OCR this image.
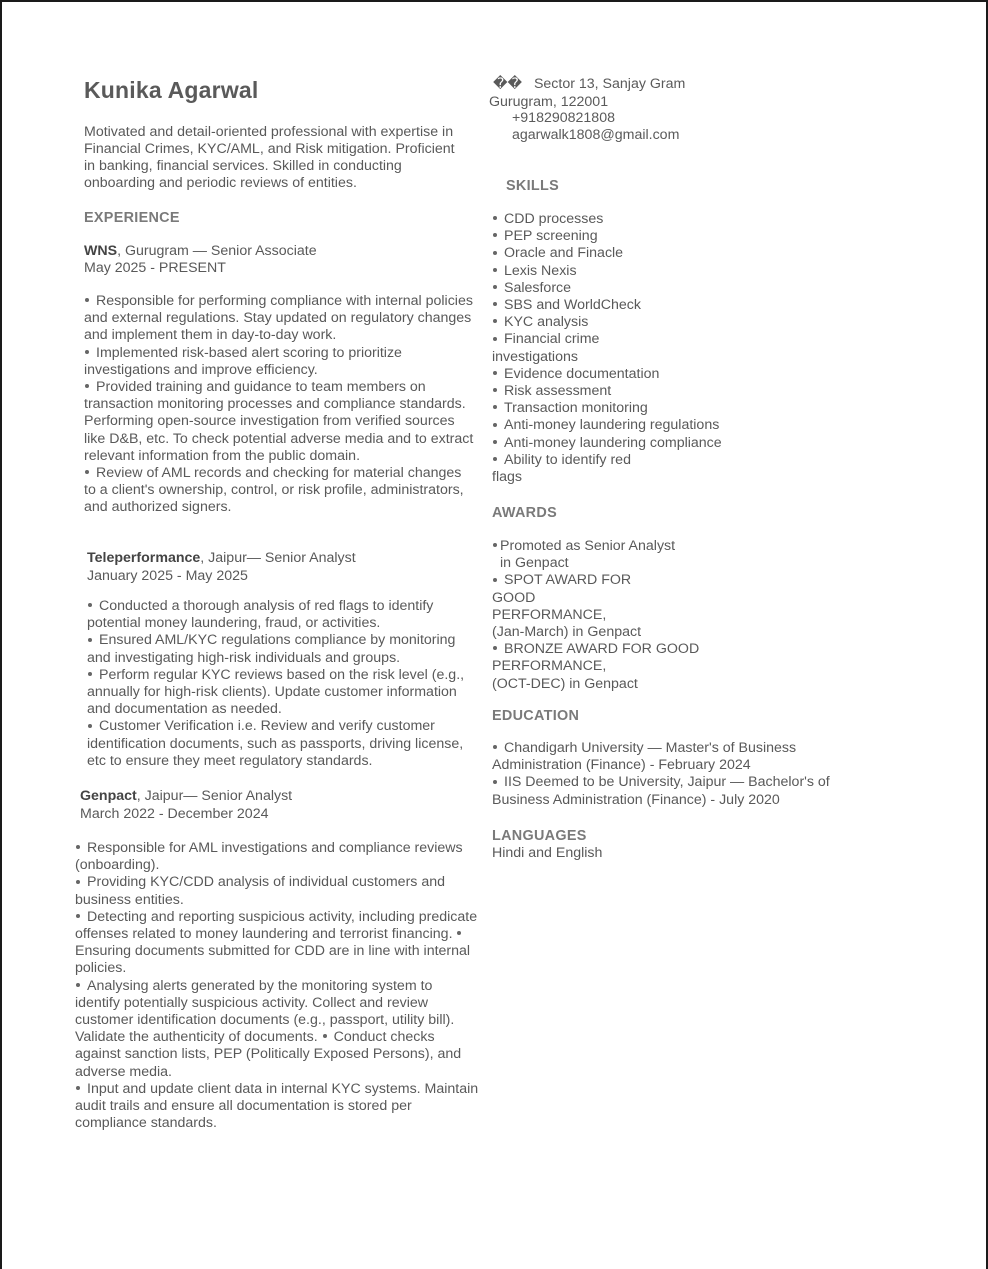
Kunika Agarwal

Motivated and detail-oriented professional with expertise in Financial Crimes, KYC/AML, and Risk mitigation. Proficient in banking, financial services. Skilled in conducting onboarding and periodic reviews of entities.

EXPERIENCE
WNS, Gurugram — Senior Associate
May 2025 - PRESENT
Responsible for performing compliance with internal policies and external regulations. Stay updated on regulatory changes and implement them in day-to-day work.
Implemented risk-based alert scoring to prioritize investigations and improve efficiency.
Provided training and guidance to team members on transaction monitoring processes and compliance standards. Performing open-source investigation from verified sources like D&B, etc. To check potential adverse media and to extract relevant information from the public domain.
Review of AML records and checking for material changes to a client's ownership, control, or risk profile, administrators, and authorized signers.
Teleperformance, Jaipur— Senior Analyst
January 2025 - May 2025
Conducted a thorough analysis of red flags to identify potential money laundering, fraud, or activities.
Ensured AML/KYC regulations compliance by monitoring and investigating high-risk individuals and groups.
Perform regular KYC reviews based on the risk level (e.g., annually for high-risk clients). Update customer information and documentation as needed.
Customer Verification i.e. Review and verify customer identification documents, such as passports, driving license, etc to ensure they meet regulatory standards.
Genpact, Jaipur— Senior Analyst
March 2022 - December 2024
Responsible for AML investigations and compliance reviews (onboarding).
Providing KYC/CDD analysis of individual customers and business entities.
Detecting and reporting suspicious activity, including predicate offenses related to money laundering and terrorist financing. Ensuring documents submitted for CDD are in line with internal policies.
Analysing alerts generated by the monitoring system to identify potentially suspicious activity. Collect and review customer identification documents (e.g., passport, utility bill). Validate the authenticity of documents. Conduct checks against sanction lists, PEP (Politically Exposed Persons), and adverse media.
Input and update client data in internal KYC systems. Maintain audit trails and ensure all documentation is stored per compliance standards.
�� Sector 13, Sanjay Gram
Gurugram, 122001
+918290821808
agarwalk1808@gmail.com
SKILLS
CDD processes
PEP screening
Oracle and Finacle
Lexis Nexis
Salesforce
SBS and WorldCheck
KYC analysis
Financial crime
investigations
Evidence documentation
Risk assessment
Transaction monitoring
Anti-money laundering regulations
Anti-money laundering compliance
Ability to identify red
flags
AWARDS
Promoted as Senior Analyst
in Genpact
SPOT AWARD FOR
GOOD
PERFORMANCE,
(Jan-March) in Genpact
BRONZE AWARD FOR GOOD
PERFORMANCE,
(OCT-DEC) in Genpact
EDUCATION
Chandigarh University — Master's of Business
Administration (Finance) - February 2024
IIS Deemed to be University, Jaipur — Bachelor's of
Business Administration (Finance) - July 2020
LANGUAGES
Hindi and English
